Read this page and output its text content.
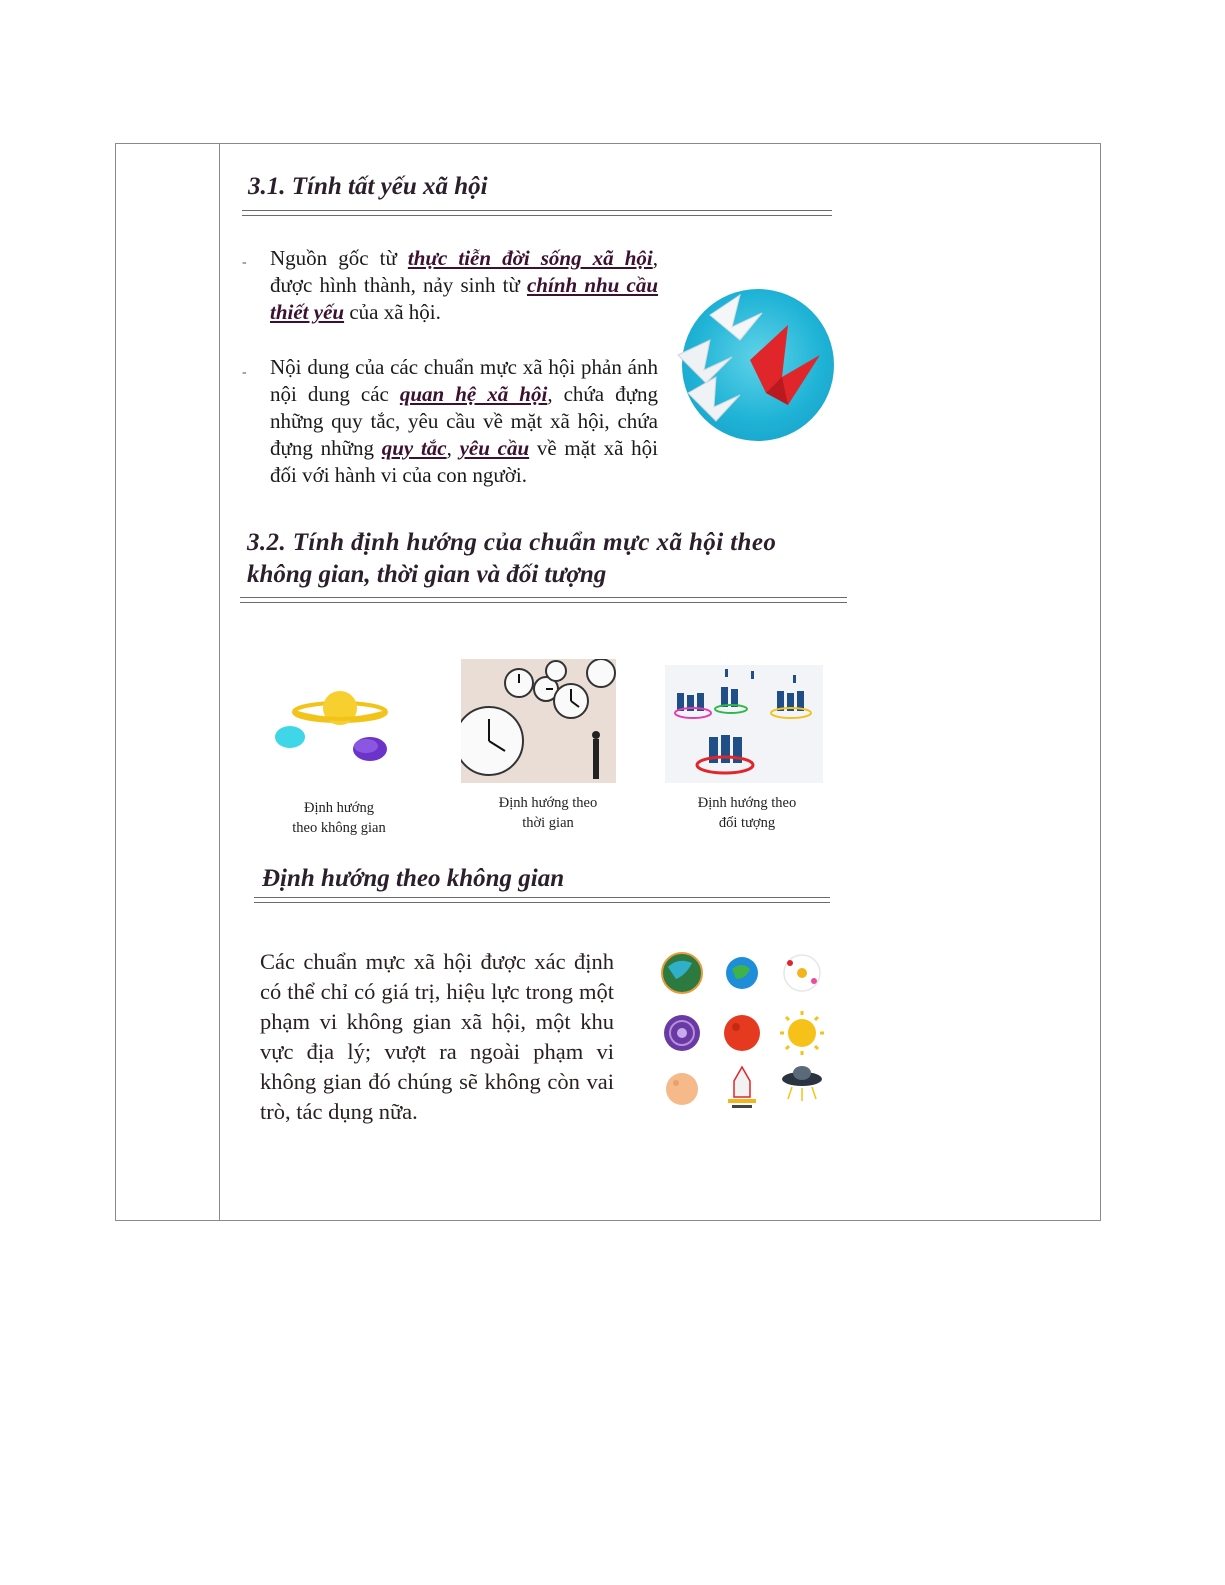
3.1. Tính tất yếu xã hội
- Nguồn gốc từ thực tiễn đời sống xã hội, được hình thành, nảy sinh từ chính nhu cầu thiết yếu của xã hội.
- Nội dung của các chuẩn mực xã hội phản ánh nội dung các quan hệ xã hội, chứa đựng những quy tắc, yêu cầu về mặt xã hội, chứa đựng những quy tắc, yêu cầu về mặt xã hội đối với hành vi của con người.
3.2. Tính định hướng của chuẩn mực xã hội theo
không gian, thời gian và đối tượng
Định hướng
theo không gian
Định hướng theo
thời gian
Định hướng theo
đối tượng
Định hướng theo không gian
Các chuẩn mực xã hội được xác định có thể chỉ có giá trị, hiệu lực trong một phạm vi không gian xã hội, một khu vực địa lý; vượt ra ngoài phạm vi không gian đó chúng sẽ không còn vai trò, tác dụng nữa.
